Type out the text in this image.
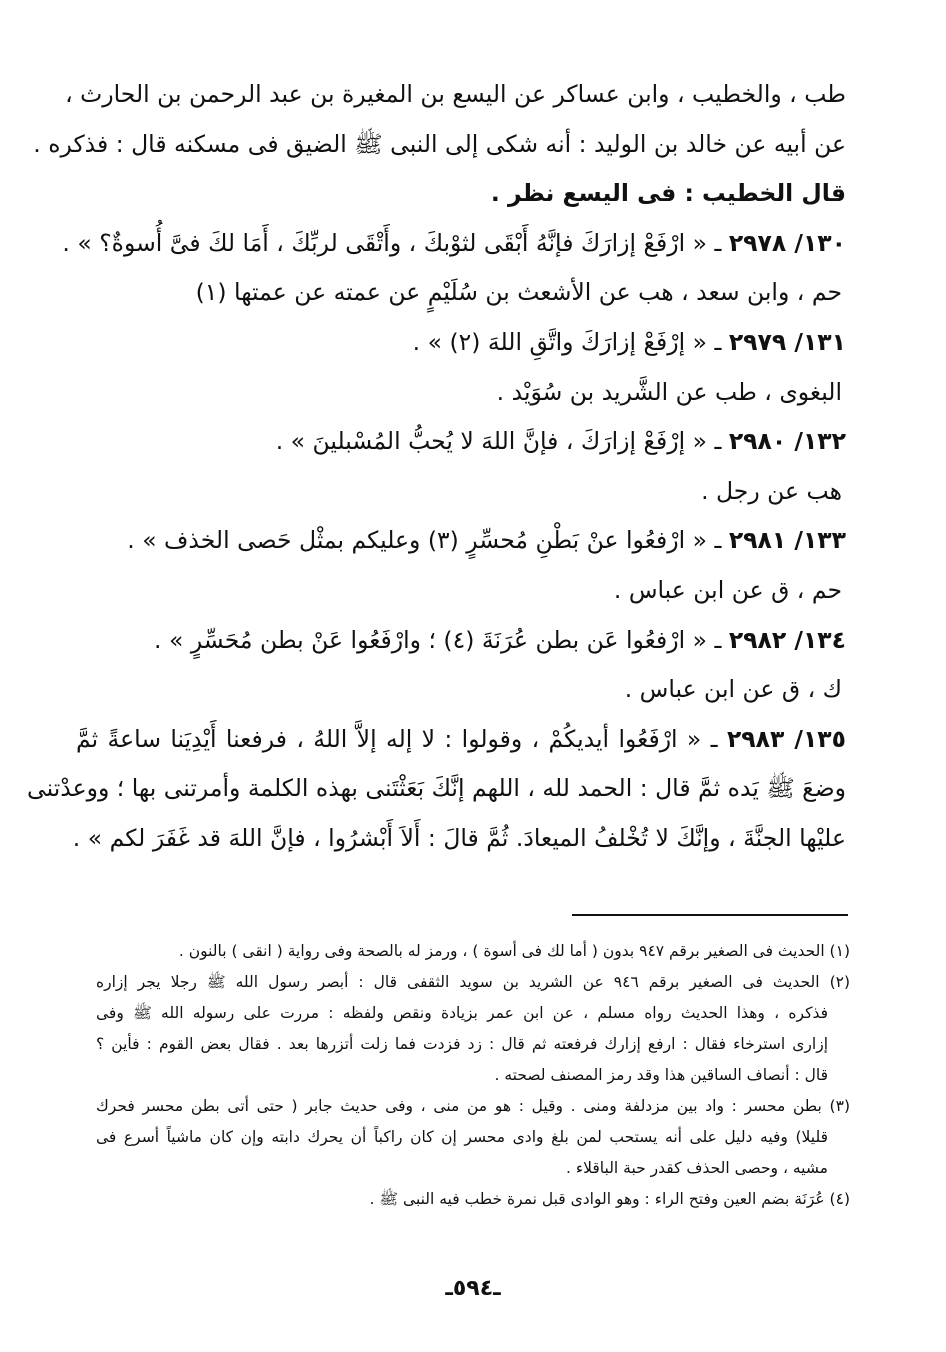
طب ، والخطيب ، وابن عساكر عن اليسع بن المغيرة بن عبد الرحمن بن الحارث ،

عن أبيه عن خالد بن الوليد : أنه شكى إلى النبى ﷺ الضيق فى مسكنه قال : فذكره .

قال الخطيب : فى اليسع نظر .

١٣٠/ ٢٩٧٨ ـ « ارْفَعْ إزارَكَ فإنَّهُ أَبْقَى لثوْبكَ ، وأَتْقَى لربِّكَ ، أَمَا لكَ فىَّ أُسوةٌ؟ » .

حم ، وابن سعد ، هب عن الأشعث بن سُلَيْمٍ عن عمته عن عمتها (١)

١٣١/ ٢٩٧٩ ـ « إرْفَعْ إزارَكَ واتَّقِ اللهَ (٢) » .

البغوى ، طب عن الشَّريد بن سُوَيْد .

١٣٢/ ٢٩٨٠ ـ « إرْفَعْ إزارَكَ ، فإنَّ اللهَ لا يُحبُّ المُسْبلينَ » .

هب عن رجل .

١٣٣/ ٢٩٨١ ـ « ارْفعُوا عنْ بَطْنِ مُحسِّرٍ (٣) وعليكم بمثْل حَصى الخذف » .

حم ، ق عن ابن عباس .

١٣٤/ ٢٩٨٢ ـ « ارْفعُوا عَن بطن عُرَنَةَ (٤) ؛ وارْفَعُوا عَنْ بطن مُحَسِّرٍ » .

ك ، ق عن ابن عباس .

١٣٥/ ٢٩٨٣ ـ « ارْفَعُوا أيديكُمْ ، وقولوا : لا إله إلاَّ اللهُ ، فرفعنا أَيْدِيَنا ساعةً ثمَّ

وضعَ ﷺ يَده ثمَّ قال : الحمد لله ، اللهم إنَّكَ بَعَثْتَنى بهذه الكلمة وأمرتنى بها ؛ ووعدْتنى

عليْها الجنَّةَ ، وإنَّكَ لا تُخْلفُ الميعادَ. ثُمَّ قالَ : أَلاَ أَبْشرُوا ، فإنَّ اللهَ قد غَفَرَ لكم » .

(١) الحديث فى الصغير برقم ٩٤٧ بدون ( أما لك فى أسوة ) ، ورمز له بالصحة وفى رواية ( انقى ) بالنون .

(٢) الحديث فى الصغير برقم ٩٤٦ عن الشريد بن سويد الثقفى قال : أبصر رسول الله ﷺ رجلا يجر إزاره
فذكره ، وهذا الحديث رواه مسلم ، عن ابن عمر بزيادة ونقص ولفظه : مررت على رسوله الله ﷺ وفى
إزارى استرخاء فقال : ارفع إزارك فرفعته ثم قال : زد فزدت فما زلت أتزرها بعد . فقال بعض القوم : فأين ؟
قال : أنصاف الساقين هذا وقد رمز المصنف لصحته .

(٣) بطن محسر : واد بين مزدلفة ومنى . وقيل : هو من منى ، وفى حديث جابر ( حتى أتى بطن محسر فحرك
قليلا) وفيه دليل على أنه يستحب لمن بلغ وادى محسر إن كان راكباً أن يحرك دابته وإن كان ماشياً أسرع فى
مشيه ، وحصى الحذف كقدر حبة الباقلاء .

(٤) عُرَنَة بضم العين وفتح الراء : وهو الوادى قبل نمرة خطب فيه النبى ﷺ .

ـ٥٩٤ـ
